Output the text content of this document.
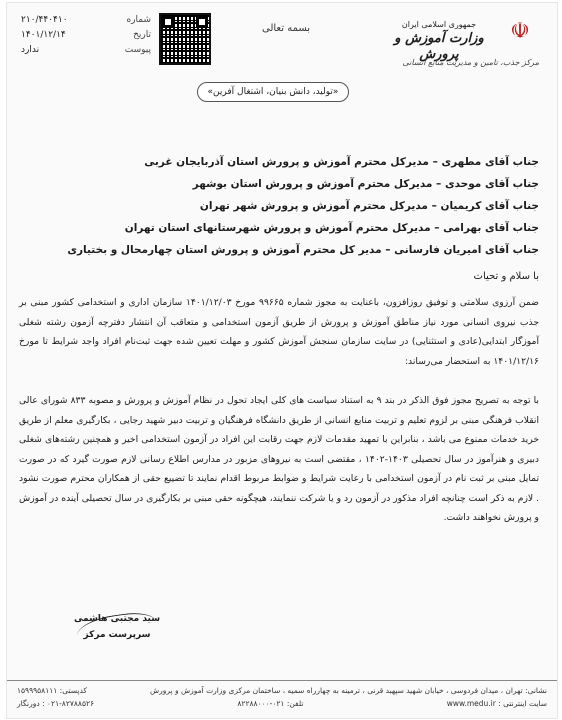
شماره
۲۱۰/۴۴۰۴۱۰
تاریخ
۱۴۰۱/۱۲/۱۴
پیوست
ندارد
بسمه تعالی	☫
جمهوری اسلامی ایران
وزارت آموزش و پرورش
مرکز جذب، تامین و مدیریت منابع انسانی
«تولید، دانش بنیان، اشتغال آفرین»
جناب آقای مطهری – مدیرکل محترم آموزش و پرورش استان آذربایجان غربی
جناب آقای موحدی – مدیرکل محترم آموزش و پرورش استان بوشهر
جناب آقای کریمیان – مدیرکل محترم آموزش و پرورش شهر تهران
جناب آقای بهرامی – مدیرکل محترم آموزش و پرورش شهرستانهای استان تهران
جناب آقای امیریان فارسانی – مدیر کل محترم آموزش و پرورش استان چهارمحال و بختیاری
با سلام و تحیات
ضمن آرزوی سلامتی و توفیق روزافزون، باعنایت به مجوز شماره ۹۹۶۶۵ مورخ ۱۴۰۱/۱۲/۰۳ سازمان اداری و استخدامی کشور مبنی بر جذب نیروی انسانی مورد نیاز مناطق آموزش و پرورش از طریق آزمون استخدامی و متعاقب آن انتشار دفترچه آزمون رشته شغلی آموزگار ابتدایی(عادی و استثنایی) در سایت سازمان سنجش آموزش کشور و مهلت تعیین شده جهت ثبت‌نام افراد واجد شرایط تا مورخ ۱۴۰۱/۱۲/۱۶ به استحضار می‌رساند:
با توجه به تصریح مجوز فوق الذکر در بند ۹ به استناد سیاست های کلی ایجاد تحول در نظام آموزش و پرورش و مصوبه ۸۳۳ شورای عالی انقلاب فرهنگی مبنی بر لزوم تعلیم و تربیت منابع انسانی از طریق دانشگاه فرهنگیان و تربیت دبیر شهید رجایی ، بکارگیری معلم از طریق خرید خدمات ممنوع می باشد ، بنابراین با تمهید مقدمات لازم جهت رقابت این افراد در آزمون استخدامی اخیر و همچنین رشته‌های شغلی دبیری و هنرآموز در سال تحصیلی ۱۴۰۳-۱۴۰۲ ، مقتضی است به نیروهای مزبور در مدارس اطلاع رسانی لازم صورت گیرد که در صورت تمایل مبنی بر ثبت نام در آزمون استخدامی با رعایت شرایط و ضوابط مربوط اقدام نمایند تا تضییع حقی از همکاران محترم صورت نشود . لازم به ذکر است چنانچه افراد مذکور در آزمون رد و یا شرکت ننمایند، هیچگونه حقی مبنی بر بکارگیری در سال تحصیلی آینده در آموزش و پرورش نخواهند داشت.
سید مجتبی هاشمی
سرپرست مرکز
نشانی: تهران ، میدان فردوسی ، خیابان شهید سپهبد قرنی ، ترمینه به چهارراه سمیه ، ساختمان مرکزی وزارت آموزش و پرورش
کدپستی: ۱۵۹۹۹۵۸۱۱۱
سایت اینترنتی : www.medu.ir
تلفن: ۰۲۱-۸۲۲۸۸۰۰۰
۰۲۱-۸۲۷۸۸۵۲۶ : دورنگار
